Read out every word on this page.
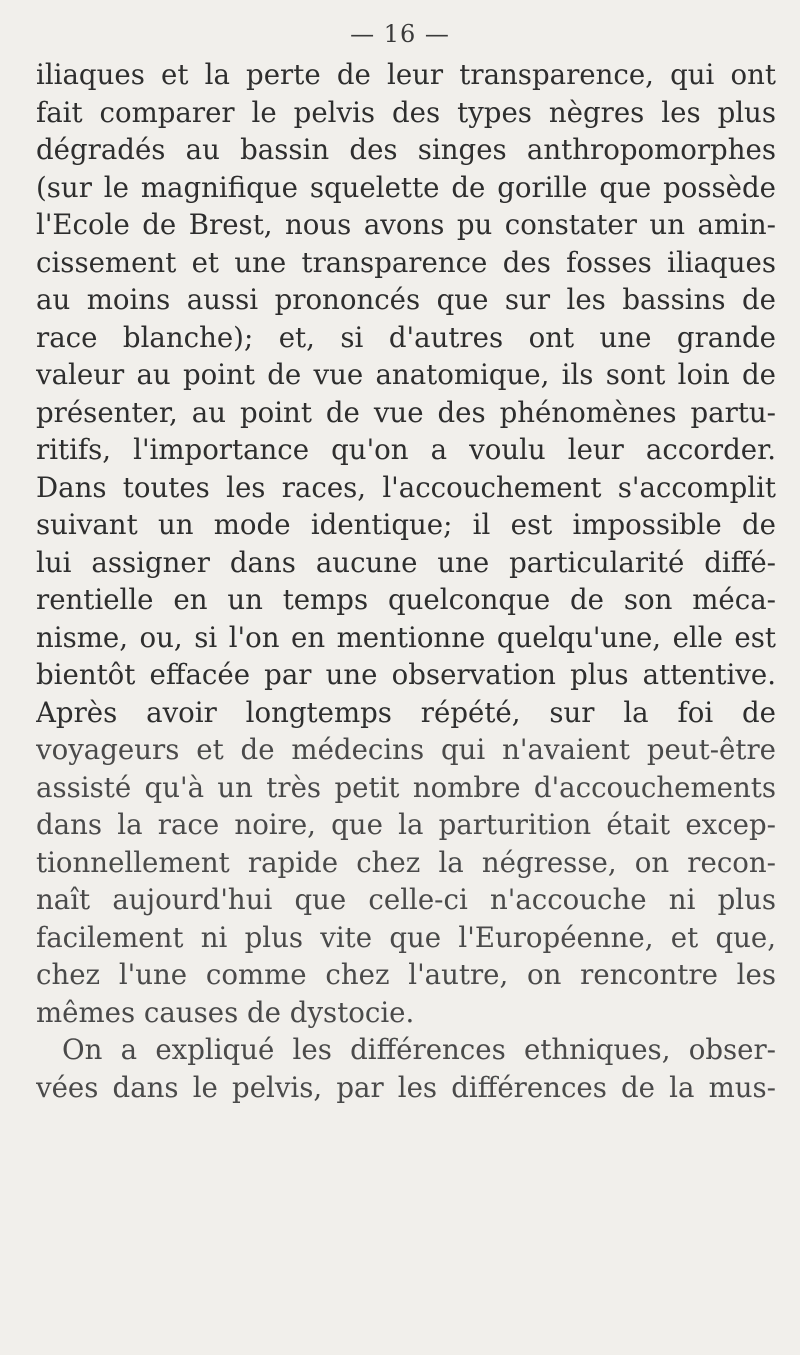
— 16 —
iliaques et la perte de leur transparence, qui ont
fait comparer le pelvis des types nègres les plus
dégradés au bassin des singes anthropomorphes
(sur le magnifique squelette de gorille que possède
l'Ecole de Brest, nous avons pu constater un amin-
cissement et une transparence des fosses iliaques
au moins aussi prononcés que sur les bassins de
race blanche); et, si d'autres ont une grande
valeur au point de vue anatomique, ils sont loin de
présenter, au point de vue des phénomènes partu-
ritifs, l'importance qu'on a voulu leur accorder.
Dans toutes les races, l'accouchement s'accomplit
suivant un mode identique; il est impossible de
lui assigner dans aucune une particularité diffé-
rentielle en un temps quelconque de son méca-
nisme, ou, si l'on en mentionne quelqu'une, elle est
bientôt effacée par une observation plus attentive.
Après avoir longtemps répété, sur la foi de
voyageurs et de médecins qui n'avaient peut-être
assisté qu'à un très petit nombre d'accouchements
dans la race noire, que la parturition était excep-
tionnellement rapide chez la négresse, on recon-
naît aujourd'hui que celle-ci n'accouche ni plus
facilement ni plus vite que l'Européenne, et que,
chez l'une comme chez l'autre, on rencontre les
mêmes causes de dystocie.
On a expliqué les différences ethniques, obser-
vées dans le pelvis, par les différences de la mus-
